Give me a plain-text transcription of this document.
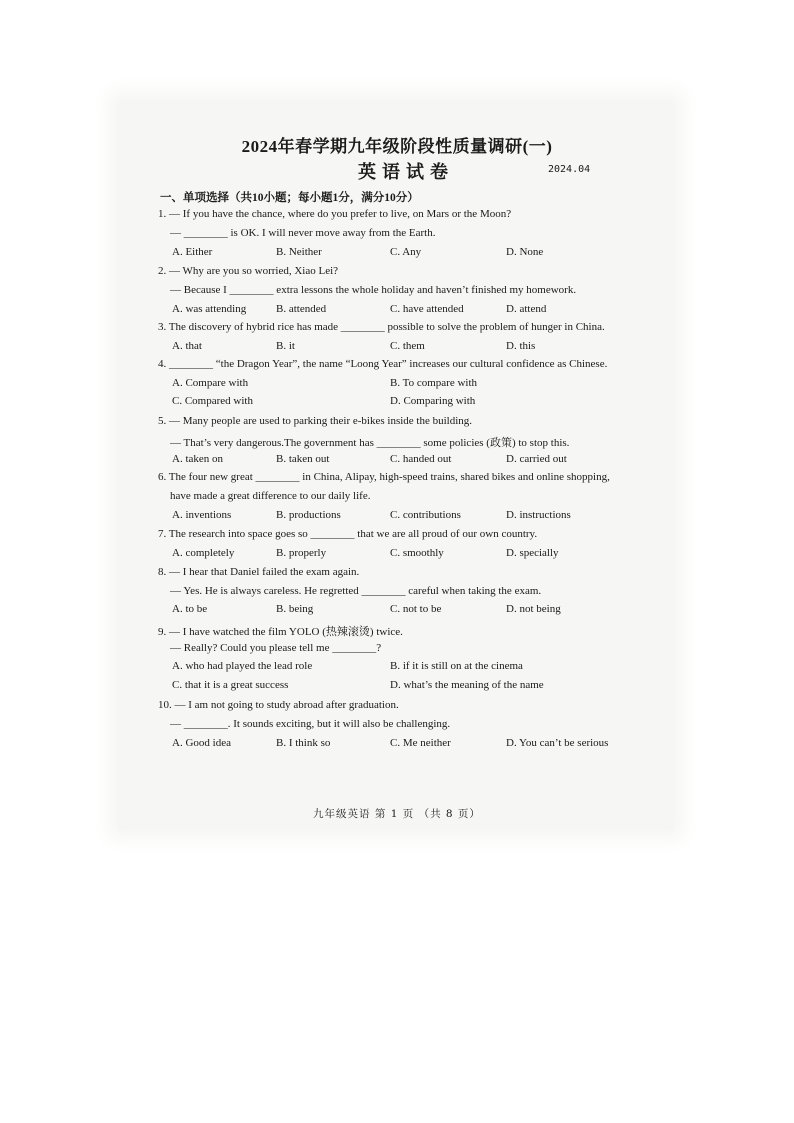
2024年春学期九年级阶段性质量调研(一)
英语试卷	2024.04
一、单项选择（共10小题；每小题1分，满分10分）
1. — If you have the chance, where do you prefer to live, on Mars or the Moon?
— ________ is OK. I will never move away from the Earth.
A. Either	B. Neither	C. Any	D. None
2. — Why are you so worried, Xiao Lei?
— Because I ________ extra lessons the whole holiday and haven’t finished my homework.
A. was attending	B. attended	C. have attended	D. attend
3. The discovery of hybrid rice has made ________ possible to solve the problem of hunger in China.
A. that	B. it	C. them	D. this
4. ________ “the Dragon Year”, the name “Loong Year” increases our cultural confidence as Chinese.
A. Compare with	B. To compare with
C. Compared with	D. Comparing with
5. — Many people are used to parking their e-bikes inside the building.
— That’s very dangerous.The government has ________ some policies (政策) to stop this.
A. taken on	B. taken out	C. handed out	D. carried out
6. The four new great ________ in China, Alipay, high-speed trains, shared bikes and online shopping,
have made a great difference to our daily life.
A. inventions	B. productions	C. contributions	D. instructions
7. The research into space goes so ________ that we are all proud of our own country.
A. completely	B. properly	C. smoothly	D. specially
8. — I hear that Daniel failed the exam again.
— Yes. He is always careless. He regretted ________ careful when taking the exam.
A. to be	B. being	C. not to be	D. not being
9. — I have watched the film YOLO (热辣滚烫) twice.
— Really? Could you please tell me ________?
A. who had played the lead role	B. if it is still on at the cinema
C. that it is a great success	D. what’s the meaning of the name
10. — I am not going to study abroad after graduation.
— ________. It sounds exciting, but it will also be challenging.
A. Good idea	B. I think so	C. Me neither	D. You can’t be serious
九年级英语 第 1 页 （共 8 页）
